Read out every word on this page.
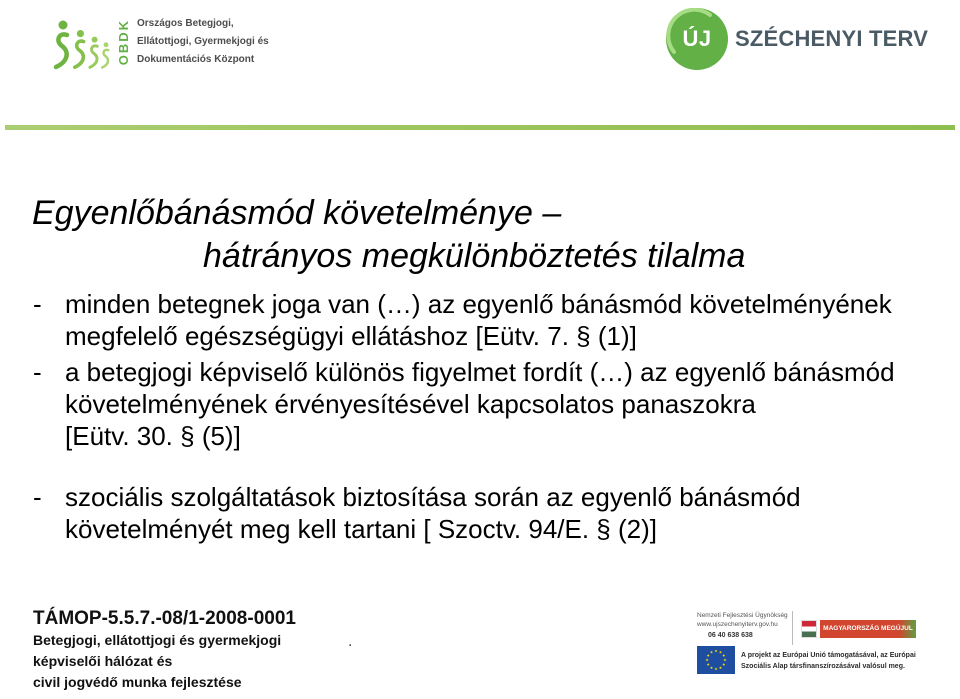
OBDK Országos Betegjogi,
Ellátottjogi, Gyermekjogi és
Dokumentációs Központ
ÚJ SZÉCHENYI TERV
Egyenlőbánásmód követelménye –
hátrányos megkülönböztetés tilalma
- minden betegnek joga van (…) az egyenlő bánásmód követelményének
megfelelő egészségügyi ellátáshoz [Eütv. 7. § (1)]
- a betegjogi képviselő különös figyelmet fordít (…) az egyenlő bánásmód
követelményének érvényesítésével kapcsolatos panaszokra
[Eütv. 30. § (5)]
- szociális szolgáltatások biztosítása során az egyenlő bánásmód
követelményét meg kell tartani [ Szoctv. 94/E. § (2)]
TÁMOP-5.5.7.-08/1-2008-0001
Betegjogi, ellátottjogi és gyermekjogi
képviselői hálózat és
civil jogvédő munka fejlesztése
.
Nemzeti Fejlesztési Ügynökség
www.ujszechenyiterv.gov.hu
06 40 638 638
MAGYARORSZÁG MEGÚJUL
A projekt az Európai Unió támogatásával, az Európai
Szociális Alap társfinanszírozásával valósul meg.
